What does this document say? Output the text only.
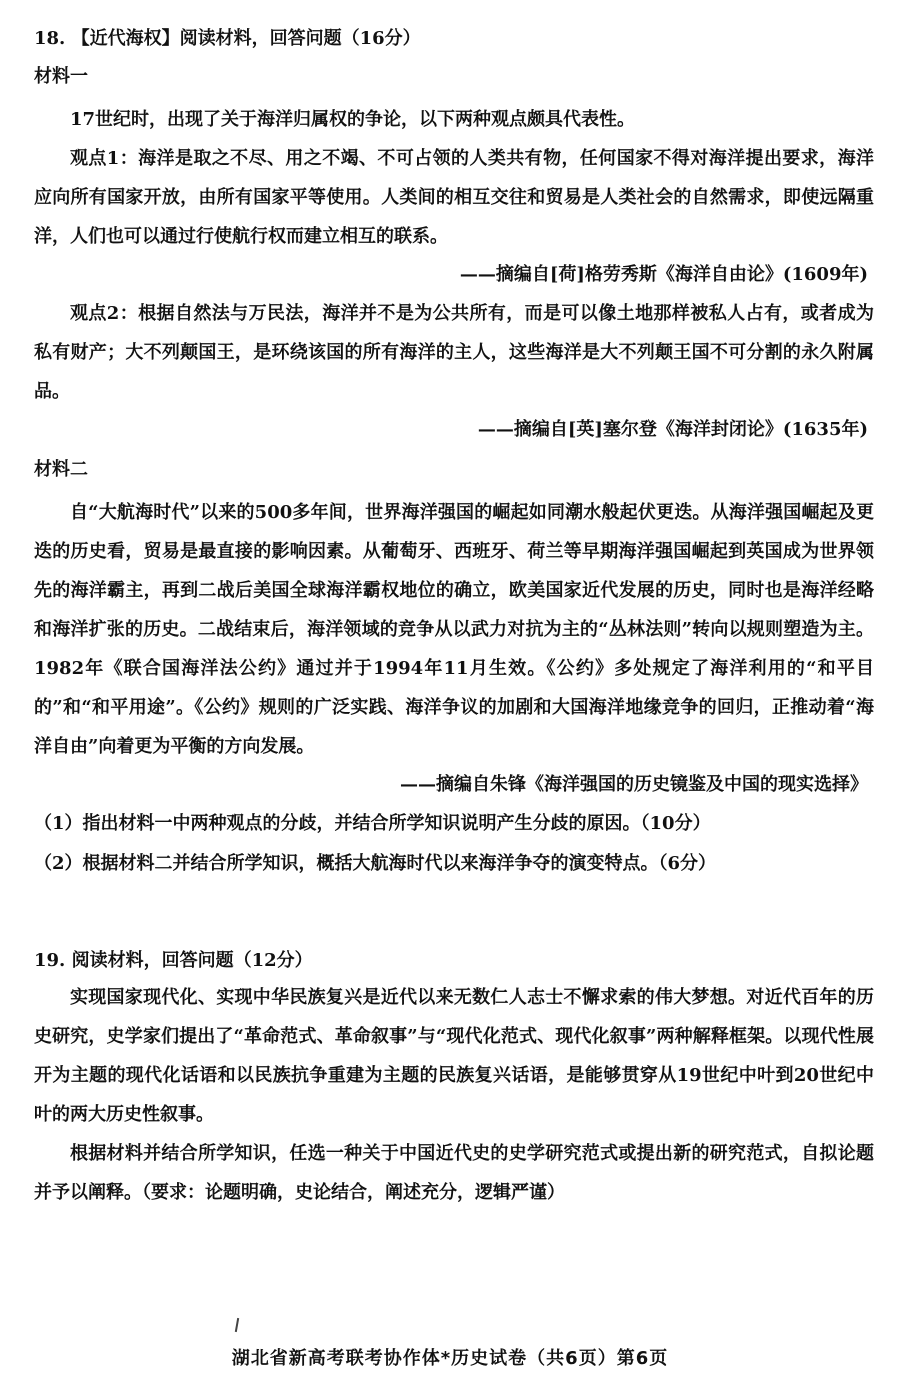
18. 【近代海权】阅读材料，回答问题（16分）
材料一

17世纪时，出现了关于海洋归属权的争论，以下两种观点颇具代表性。

观点1：海洋是取之不尽、用之不竭、不可占领的人类共有物，任何国家不得对海洋提出要求，海洋应向所有国家开放，由所有国家平等使用。人类间的相互交往和贸易是人类社会的自然需求，即使远隔重洋，人们也可以通过行使航行权而建立相互的联系。

——摘编自[荷]格劳秀斯《海洋自由论》(1609年)

观点2：根据自然法与万民法，海洋并不是为公共所有，而是可以像土地那样被私人占有，或者成为私有财产；大不列颠国王，是环绕该国的所有海洋的主人，这些海洋是大不列颠王国不可分割的永久附属品。

——摘编自[英]塞尔登《海洋封闭论》(1635年)

材料二

自“大航海时代”以来的500多年间，世界海洋强国的崛起如同潮水般起伏更迭。从海洋强国崛起及更迭的历史看，贸易是最直接的影响因素。从葡萄牙、西班牙、荷兰等早期海洋强国崛起到英国成为世界领先的海洋霸主，再到二战后美国全球海洋霸权地位的确立，欧美国家近代发展的历史，同时也是海洋经略和海洋扩张的历史。二战结束后，海洋领域的竞争从以武力对抗为主的“丛林法则”转向以规则塑造为主。1982年《联合国海洋法公约》通过并于1994年11月生效。《公约》多处规定了海洋利用的“和平目的”和“和平用途”。《公约》规则的广泛实践、海洋争议的加剧和大国海洋地缘竞争的回归，正推动着“海洋自由”向着更为平衡的方向发展。

——摘编自朱锋《海洋强国的历史镜鉴及中国的现实选择》

（1）指出材料一中两种观点的分歧，并结合所学知识说明产生分歧的原因。（10分）

（2）根据材料二并结合所学知识，概括大航海时代以来海洋争夺的演变特点。（6分）

19. 阅读材料，回答问题（12分）

实现国家现代化、实现中华民族复兴是近代以来无数仁人志士不懈求索的伟大梦想。对近代百年的历史研究，史学家们提出了“革命范式、革命叙事”与“现代化范式、现代化叙事”两种解释框架。以现代性展开为主题的现代化话语和以民族抗争重建为主题的民族复兴话语，是能够贯穿从19世纪中叶到20世纪中叶的两大历史性叙事。

根据材料并结合所学知识，任选一种关于中国近代史的史学研究范式或提出新的研究范式，自拟论题并予以阐释。（要求：论题明确，史论结合，阐述充分，逻辑严谨）

湖北省新高考联考协作体*历史试卷（共6页）第6页
